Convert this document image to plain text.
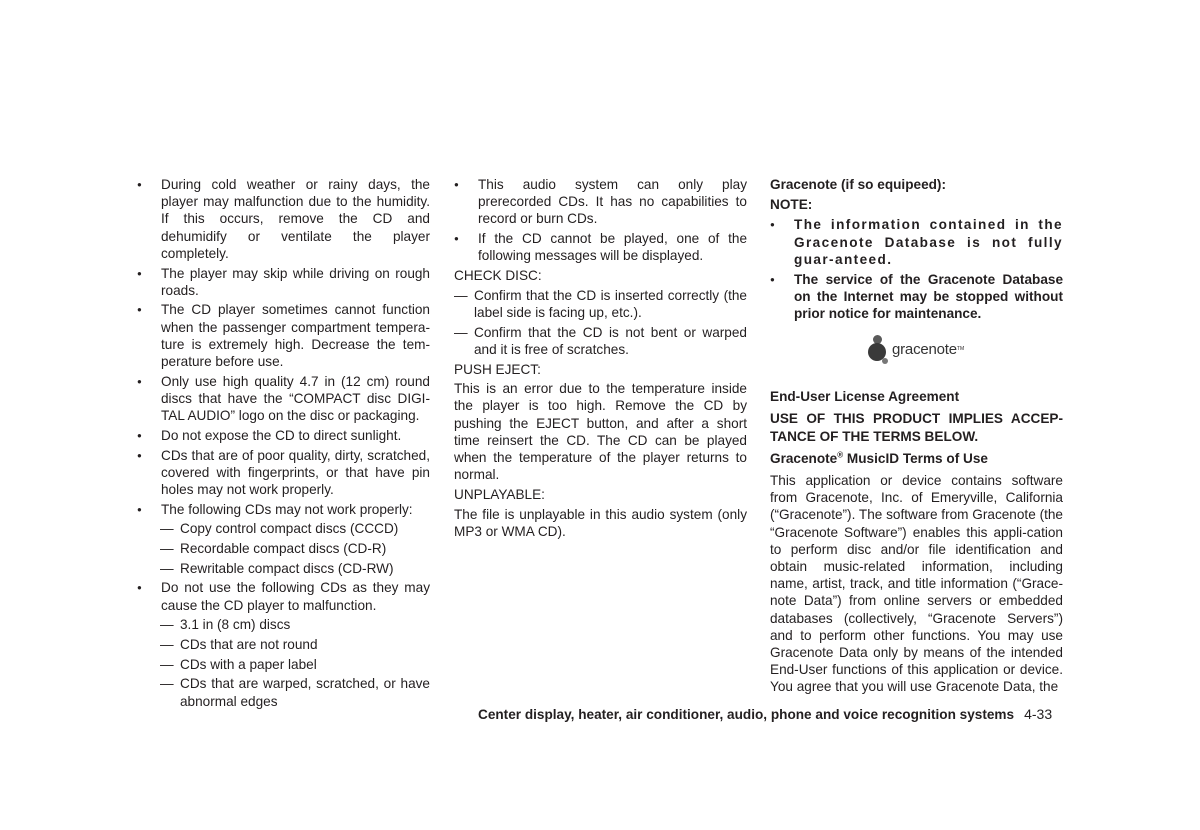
● During cold weather or rainy days, the player may malfunction due to the humidity. If this occurs, remove the CD and dehumidify or ventilate the player completely.

● The player may skip while driving on rough roads.

● The CD player sometimes cannot function when the passenger compartment tempera-ture is extremely high. Decrease the tem-perature before use.

● Only use high quality 4.7 in (12 cm) round discs that have the “COMPACT disc DIGI-TAL AUDIO” logo on the disc or packaging.

● Do not expose the CD to direct sunlight.

● CDs that are of poor quality, dirty, scratched, covered with fingerprints, or that have pin holes may not work properly.

● The following CDs may not work properly:

— Copy control compact discs (CCCD)

— Recordable compact discs (CD-R)

— Rewritable compact discs (CD-RW)

● Do not use the following CDs as they may cause the CD player to malfunction.

— 3.1 in (8 cm) discs

— CDs that are not round

— CDs with a paper label

— CDs that are warped, scratched, or have abnormal edges

● This audio system can only play prerecorded CDs. It has no capabilities to record or burn CDs.

● If the CD cannot be played, one of the following messages will be displayed.

CHECK DISC:

— Confirm that the CD is inserted correctly (the label side is facing up, etc.).

— Confirm that the CD is not bent or warped and it is free of scratches.

PUSH EJECT:

This is an error due to the temperature inside the player is too high. Remove the CD by pushing the EJECT button, and after a short time reinsert the CD. The CD can be played when the temperature of the player returns to normal.

UNPLAYABLE:

The file is unplayable in this audio system (only MP3 or WMA CD).

Gracenote (if so equipeed):

NOTE:

● The information contained in the Gracenote Database is not fully guar-anteed.

● The service of the Gracenote Database on the Internet may be stopped without prior notice for maintenance.

gracenote TM

End-User License Agreement

USE OF THIS PRODUCT IMPLIES ACCEP-TANCE OF THE TERMS BELOW.

Gracenote® MusicID Terms of Use

This application or device contains software from Gracenote, Inc. of Emeryville, California (“Gracenote”). The software from Gracenote (the “Gracenote Software”) enables this appli-cation to perform disc and/or file identification and obtain music-related information, including name, artist, track, and title information (“Grace-note Data”) from online servers or embedded databases (collectively, “Gracenote Servers”) and to perform other functions. You may use Gracenote Data only by means of the intended End-User functions of this application or device. You agree that you will use Gracenote Data, the

Center display, heater, air conditioner, audio, phone and voice recognition systems 4-33
